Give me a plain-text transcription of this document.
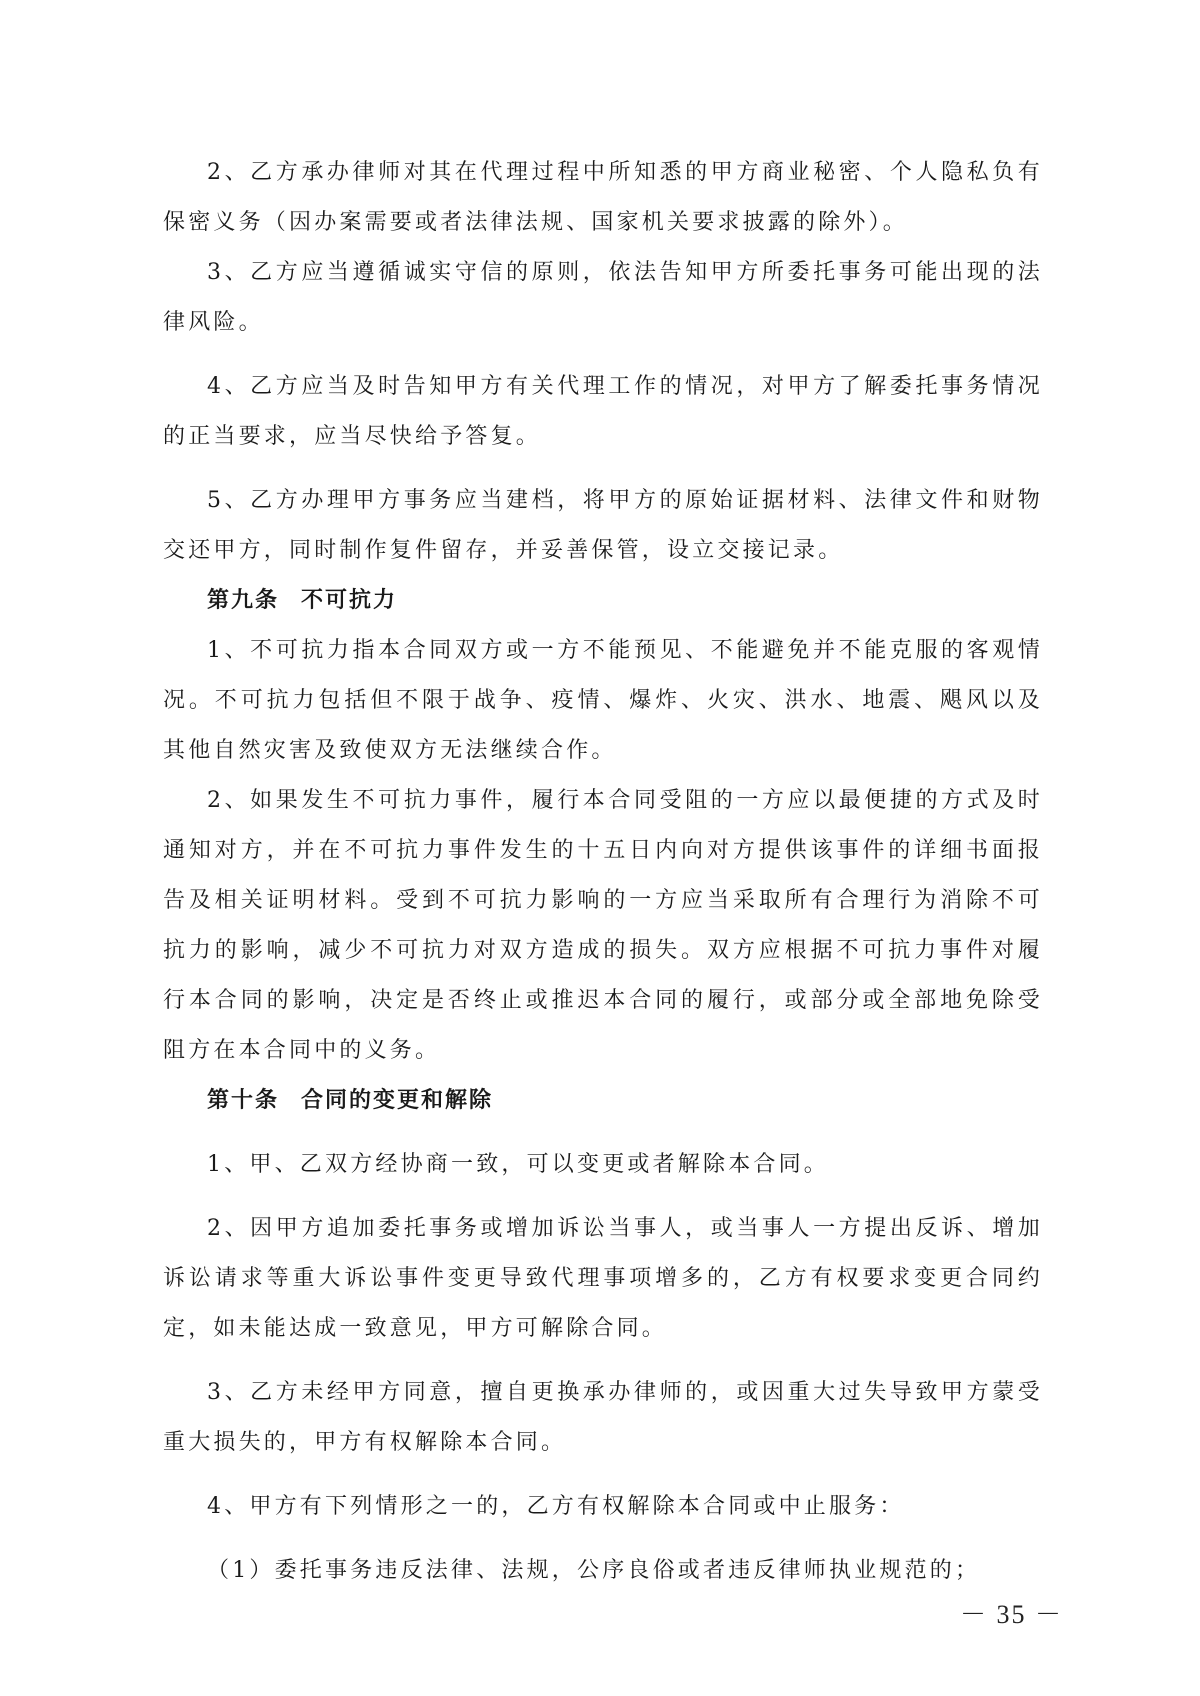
2、乙方承办律师对其在代理过程中所知悉的甲方商业秘密、个人隐私负有保密义务（因办案需要或者法律法规、国家机关要求披露的除外）。

3、乙方应当遵循诚实守信的原则，依法告知甲方所委托事务可能出现的法律风险。

4、乙方应当及时告知甲方有关代理工作的情况，对甲方了解委托事务情况的正当要求，应当尽快给予答复。

5、乙方办理甲方事务应当建档，将甲方的原始证据材料、法律文件和财物交还甲方，同时制作复件留存，并妥善保管，设立交接记录。

第九条 不可抗力

1、不可抗力指本合同双方或一方不能预见、不能避免并不能克服的客观情况。不可抗力包括但不限于战争、疫情、爆炸、火灾、洪水、地震、飓风以及其他自然灾害及致使双方无法继续合作。

2、如果发生不可抗力事件，履行本合同受阻的一方应以最便捷的方式及时通知对方，并在不可抗力事件发生的十五日内向对方提供该事件的详细书面报告及相关证明材料。受到不可抗力影响的一方应当采取所有合理行为消除不可抗力的影响，减少不可抗力对双方造成的损失。双方应根据不可抗力事件对履行本合同的影响，决定是否终止或推迟本合同的履行，或部分或全部地免除受阻方在本合同中的义务。

第十条 合同的变更和解除

1、甲、乙双方经协商一致，可以变更或者解除本合同。

2、因甲方追加委托事务或增加诉讼当事人，或当事人一方提出反诉、增加诉讼请求等重大诉讼事件变更导致代理事项增多的，乙方有权要求变更合同约定，如未能达成一致意见，甲方可解除合同。

3、乙方未经甲方同意，擅自更换承办律师的，或因重大过失导致甲方蒙受重大损失的，甲方有权解除本合同。

4、甲方有下列情形之一的，乙方有权解除本合同或中止服务：

（1）委托事务违反法律、法规，公序良俗或者违反律师执业规范的；

－ 35 －
